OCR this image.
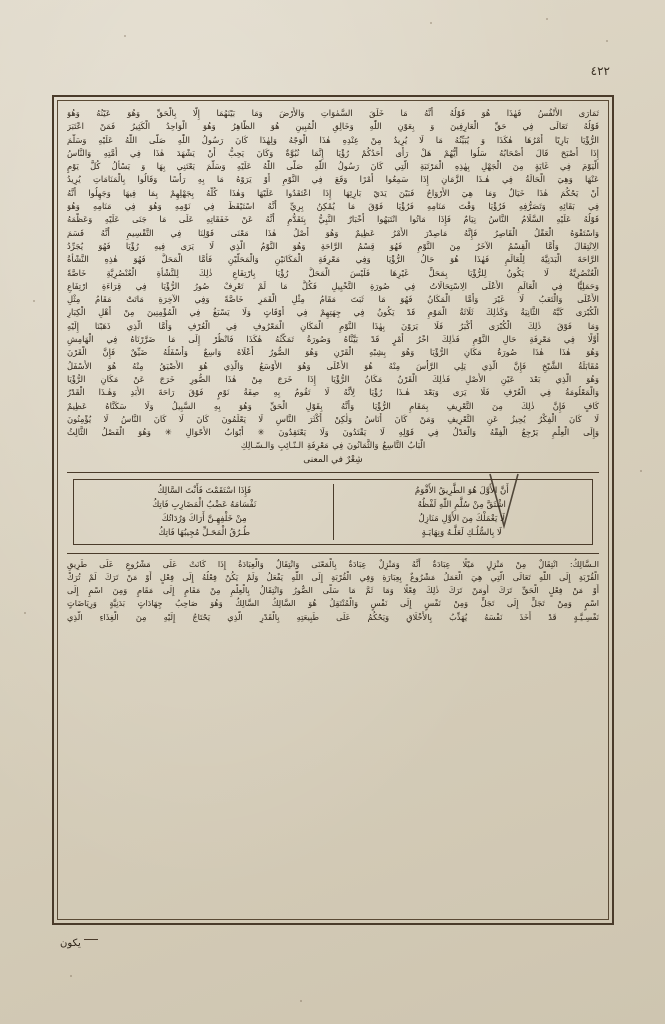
٤٢٢
تَمَارَى الأَنْفُسُ فَهٰذَا هُوَ قَوْلُهُ أَنَّهُ مَا خَلَقَ السَّمٰوَاتِ وَالأَرْضَ وَمَا بَيْنَهُمَا إِلَّا بِالْحَقِّ وَهُوَ عَيْنُهُ وَهُوَ
قَوْلُهُ تَعَالَى فِي حَقِّ الْعَارِفِينَ وَ بِعَوْنِ اللّٰهِ وَخَالِقِ الْمُبِينِ هُوَ الظَّاهِرُ وَهُوَ الْوَاحِدُ الْكَثِيرُ فَمَنْ اعْتَبَرَ
الرُّؤْيَا بَارِيًا أَمْرُهَا هٰكَذَا وَ يُبَيِّنُهُ مَا لَا يُرِيدُ مِنْ عِنْدِهِ هٰذَا الْوَجْهُ وَلِهٰذَا كَانَ رَسُولُ اللّٰهِ صَلَّى اللّٰهُ عَلَيْهِ وَسَلَّمَ
إِذَا أَصْبَحَ قَالَ أَصْحَابُهُ سَلُوا أَيُّهُمْ هَلْ رَأَى أَحَدُكُمْ رُؤْيَا إِنَّمَا نُبُوَّةٌ وَكَانَ يَحِبُّ أَنْ يَشْهَدَ هٰذَا فِي أُمَّتِهِ وَالنَّاسُ
الْيَوْمَ فِي غَايَةٍ مِنَ الْجَهْلِ بِهٰذِهِ الْمَرْتَبَةِ الَّتِي كَانَ رَسُولُ اللّٰهِ صَلَّى اللّٰهُ عَلَيْهِ وَسَلَّمَ يَعْتَنِي بِهَا وَ يَسْأَلُ كُلَّ يَوْمٍ
عَنْهَا وَهِيَ الْحَالَةُ فِي هٰـذَا الزَّمَانِ إِذَا سَمِعُوا أَمْرًا وَقَعَ فِي النَّوْمِ أَوْ يَرَوْهُ مَا بِهِ رَأْسًا وَقَالُوا بِالْمَنَامَاتِ يُرِيدُ
أَنْ يَحْكُمَ هٰذَا خَيَالٌ وَمَا هِيَ الأَرْوَاحُ فَبَيْنَ يَدَيْ بَارِئِهَا إِذَا اعْتَقَدُوا عَلَيْهَا وَهٰذَا كُلُّهُ بِجَهْلِهِمْ بِمَا فِيهَا وَجَهِلُوا أَنَّهُ
فِي بَقَائِهِ وَتَصَرُّفِهِ فَرُؤْيَا وَقْتَ مَنَامِهِ فَرُؤْيَا فَوْقَ مَا يُمْكِنُ بِرِيِّ أَنَّهُ اسْتَيْقَظَ فِي نَوْمِهِ وَهُوَ فِي مَنَامِهِ وَهُوَ
قَوْلُهُ عَلَيْهِ السَّلَامُ النَّاسُ نِيَامٌ فَإِذَا مَاتُوا انْتَبَهُوا أَخْبَارٌ النَّبِيُّ بِتَقَدُّمِ أَنَّهُ عَنْ خَفَقَاتِهِ عَلَى مَا جَنَى عَلَيْهِ وَعَظَّمَهُ
وَاسْتَقْوَهُ الْعَقْلُ الْقَاصِرُ فَإِنَّهُ مَاصِدْرَ الأَمْرُ عَظِيمٌ وَهُوَ أَصْلُ هٰذَا مَعْنَى قَوْلِنَا فِي التَّقْسِيمِ أَنَّهُ قَسَمَ
الِانْتِقَالَ وَأَمَّا الْقِسْمُ الآخَرُ مِنَ النَّوْمِ فَهُوَ قِسْمُ الرَّاحَةِ وَهُوَ النَّوْمُ الَّذِي لَا يَرَى فِيهِ رُؤْيَا فَهُوَ يُجَرِّدُ
الرَّاحَةَ الْبَدَنِيَّةَ لِلْعَالَمِ فَهٰذَا هُوَ حَالُ الرُّؤْيَا وَفِي مَعْرِفَةِ الْمَكَانَيْنِ وَالْمَحَلَّيْنِ فَأَمَّا الْمَحَلُّ فَهُوَ هٰذِهِ النَّشْأَةُ
الْعُنْصُرِيَّةُ لَا يَكُونُ لِلرُّؤْيَا بِمَحَلٍّ غَيْرِهَا فَلَيْسَ الْمَحَلُّ رُؤْيَا بِارْتِفَاعِ ذٰلِكَ لِلنَّشْأَةِ الْعُنْصُرِيَّةِ خَاصَّةً
وَحَمَلِيًّا فِي الْعَالَمِ الأَعْلَى الِاسْتِحَالَاتُ فِي صُورَةِ التَّخْيِيلِ فَكُلُّ مَا لَمْ تَعْرِفْ صُورُ الرُّؤْيَا فِي قِرَاءَةِ ارْتِفَاعِ
الأَعْلَى وَالْتَعَبُ لَا غَيْرَ وَأَمَّا الْمَكَانُ فَهُوَ مَا ثَبَتَ مَقَامُ مِثْلِ الْقَمَرِ خَاصَّةً وَفِي الآخِرَةِ مَاتَتْ مَقَامُ مِثْلِ
الْكُبْرَى كَبَّهُ الثَّانِيَةُ وَكَذٰلِكَ ثَلَاثَةُ الْمَوْمِ قَدْ يَكُونُ فِي جِهَتِهِمْ فِي أَوْقَاتٍ وَلَا يَسْبَغُ فِي الْمُؤْمِنِينَ مِنْ أَهْلِ الْكِبَارِ
وَمَا فَوْقَ ذٰلِكَ الْكُبْرَى أَكْبَرُ فَلَا يَرَوْنَ بِهٰذَا النَّوْمِ الْمَكَانِ الْمَعْرُوفِ فِي الْعُرْفِ وَأَمَّا الَّذِي ذَهَبْنَا إِلَيْهِ
أَوَّلًا فِي مَعْرِفَةِ حَالِ النَّوْمِ فَذٰلِكَ اخْرُ أَمْرٍ قَدْ بَيَّنَّاهُ وَصُورَةُ تَمَكَّنُهُ هٰكَذَا فَانْظُرْ إِلَى مَا ضَرَّرْنَاهُ فِي الْهَامِشِ
وَهُوَ هٰذَا هٰذَا صُورَةُ مَكَانِ الرُّؤْيَا وَهُوَ بِشِبْهِ الْقَرْنِ وَهُوَ الصُّورُ أَعْلَاهُ وَاسِعٌ وَأَسْفَلُهُ ضَيِّقٌ فَإِنَّ الْقَرْنَ
مُقَابَلَةُ الشَّيْخِ فَإِنَّ الَّذِي يَلِي الرَّأْسَ مِنْهُ هُوَ الأَعْلَى وَهُوَ الأَوْسَعُ وَالَّذِي هُوَ الأَضْيَقُ مِنْهُ هُوَ الأَسْفَلُ
وَهُوَ الَّذِي بَعْدَ عَيْنِ الأَصْلِ فَذٰلِكَ الْقَرْنُ مَكَانُ الرُّؤْيَا إِذَا خَرَجَ مِنْ هٰذَا الصُّورِ خَرَجَ عَنْ مَكَانِ الرُّؤْيَا
وَالْمَعْلُومَةُ فِي الْعُرْفِ فَلَا يَرَى وَبَعْدَ هٰـذَا رُؤْيَا لِأَنَّهُ لَا تَقُومُ بِهِ صِفَةُ نَوْمٍ فَوْقَ رَاحَةَ الأَبَدِ وَهٰـذَا الْقَدْرُ
كَافٍ فَإِنَّ ذٰلِكَ مِنَ التَّعْرِيفِ بِمَقَامِ الرُّؤْيَا وَأَنَّهُ بِقَوْلِ الْحَقِّ وَهُوَ بِهِ السَّبِيلُ وَلَا سَكَنَّاهُ عَظِيمٌ
لَا كَانَ الْفِكْرُ يُحِيزُ عَنِ التَّعْرِيفِ وَمَنْ كَانَ أَنَاسُ وَلٰكِنْ أَكْثَرَ النَّاسِ لَا يَعْلَمُونَ كَانَ لَا كَانَ النَّاسُ لَا يُؤْمِنُونَ
وَإِلَى الْعِلْمِ يَرْجِعُ الْفِقْهُ وَالْعَدْلُ فِي قَوْلِهِ لَا يَقْتَدُونَ وَلَا يَعْتَقِدُونَ ✳ أَبْوَابُ الأَحْوَالِ ✳ وَهُوَ الْفَصْلُ الثَّالِثُ
الْبَابُ التَّاسِعُ وَالثَّمَانُونَ فِي مَعْرِفَةِ الـنّـائِبِ وَالـسّـالِكِ
شِعْرٌ في المعنى
أَنَّ الأَوَّلَ هُوَ الطَّرِيقُ الأَقْوَمُ
اشْتَقَّ مِنْ سُلَّمِ اللّٰهِ لَفْظُهُ
لَا يَعْمَلْكَ مِنَ الأَوَّلِ مَنَازِلُ
لَا بِالسُّلُـكِ لَعَلَّـهُ وَنِهَايَـةٍ
فَإِذَا اسْتَقَمْتَ فَأَنْتَ السَّالِكُ
نَفْسَامَهُ عَضْبُ الْمَضَارِبِ فَاتِكُ
مِنْ خَلْفِهِـنَّ أَرَاكَ وَرُدَاتُكَ
طُـرُقُ الْمَحَـلِّ مُجِيبُهَا فَاتِكُ
الـسَّالِكُ: انْتِقَالٌ مِنْ مَنْزِلٍ مَيْلًا عِبَادَةٌ أَنَّهُ وَمَنْزِلٌ عِبَادَةٌ بِالْمَعْنَى وَانْتِقَالٌ وَالْعِبَادَةُ إِذَا كَانَتْ عَلَى مَشْرُوعٍ عَلَى طَرِيقِ
الْقُرْبَةِ إِلَى اللّٰهِ تَعَالَى الَّتِي هِيَ الْعَمَلُ مَشْرُوعٌ بِعِبَارَةِ وَفِي الْقُرْبَةِ إِلَى اللّٰهِ يَفْعَلُ وَلَمْ يَكُنْ فِعْلُهُ إِلَى فِعْلٍ أَوْ مَنْ تَرَكَ لَمْ تُرَكْ
أَوْ مَنْ فِعْلٍ الْحَقِّ تَرَكَ أُومَنْ تَرَكَ ذٰلِكَ فِعْلًا وَمَا ثَمَّ مَا سَلَّى الصُّورُ وَانْتِقَالُ بِالْعِلْمِ مِنْ مَقَامٍ إِلَى مَقَامٍ وَمِنَ اسْمٍ إِلَى
اسْمٍ وَمِنْ تَجَلٍّ إِلَى تَجَلٍّ وَمِنْ نَفْسٍ إِلَى نَفْسٍ وَالْمُنْتَقِلُ هُوَ السَّالِكُ السَّالِكُ وَهُوَ صَاحِبُ جِهَادَاتٍ بَدَنِيَّةٍ وَرِيَاضَاتٍ
نَفْسِـيَّـةٍ قَدْ أَخَذَ نَفْسَهُ يُهَذِّبُ بِالأَخْلَاقِ وَيَحْكُمُ عَلَى طَبِيعَتِهِ بِالْقَدْرِ الَّذِي يَحْتَاجُ إِلَيْهِ مِنَ الْغِذَاءِ الَّذِي
يكون
